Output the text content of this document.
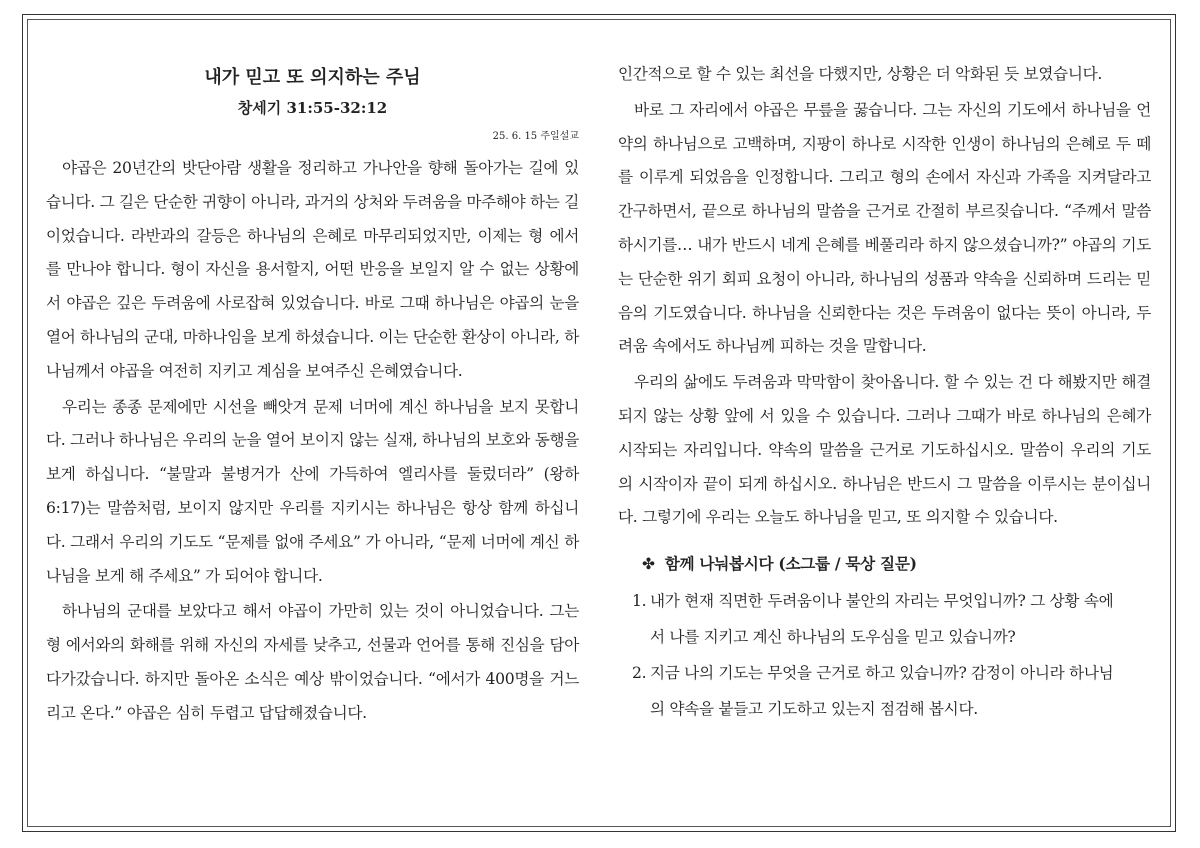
내가 믿고 또 의지하는 주님
창세기 31:55-32:12
25. 6. 15 주일설교

야곱은 20년간의 밧단아람 생활을 정리하고 가나안을 향해 돌아가는 길에 있습니다. 그 길은 단순한 귀향이 아니라, 과거의 상처와 두려움을 마주해야 하는 길이었습니다. 라반과의 갈등은 하나님의 은혜로 마무리되었지만, 이제는 형 에서를 만나야 합니다. 형이 자신을 용서할지, 어떤 반응을 보일지 알 수 없는 상황에서 야곱은 깊은 두려움에 사로잡혀 있었습니다. 바로 그때 하나님은 야곱의 눈을 열어 하나님의 군대, 마하나임을 보게 하셨습니다. 이는 단순한 환상이 아니라, 하나님께서 야곱을 여전히 지키고 계심을 보여주신 은혜였습니다.

우리는 종종 문제에만 시선을 빼앗겨 문제 너머에 계신 하나님을 보지 못합니다. 그러나 하나님은 우리의 눈을 열어 보이지 않는 실재, 하나님의 보호와 동행을 보게 하십니다. “불말과 불병거가 산에 가득하여 엘리사를 둘렀더라” (왕하 6:17)는 말씀처럼, 보이지 않지만 우리를 지키시는 하나님은 항상 함께 하십니다. 그래서 우리의 기도도 “문제를 없애 주세요” 가 아니라, “문제 너머에 계신 하나님을 보게 해 주세요” 가 되어야 합니다.

하나님의 군대를 보았다고 해서 야곱이 가만히 있는 것이 아니었습니다. 그는 형 에서와의 화해를 위해 자신의 자세를 낮추고, 선물과 언어를 통해 진심을 담아 다가갔습니다. 하지만 돌아온 소식은 예상 밖이었습니다. “에서가 400명을 거느리고 온다.” 야곱은 심히 두렵고 답답해졌습니다.

인간적으로 할 수 있는 최선을 다했지만, 상황은 더 악화된 듯 보였습니다.

바로 그 자리에서 야곱은 무릎을 꿇습니다. 그는 자신의 기도에서 하나님을 언약의 하나님으로 고백하며, 지팡이 하나로 시작한 인생이 하나님의 은혜로 두 떼를 이루게 되었음을 인정합니다. 그리고 형의 손에서 자신과 가족을 지켜달라고 간구하면서, 끝으로 하나님의 말씀을 근거로 간절히 부르짖습니다. “주께서 말씀하시기를… 내가 반드시 네게 은혜를 베풀리라 하지 않으셨습니까?” 야곱의 기도는 단순한 위기 회피 요청이 아니라, 하나님의 성품과 약속을 신뢰하며 드리는 믿음의 기도였습니다. 하나님을 신뢰한다는 것은 두려움이 없다는 뜻이 아니라, 두려움 속에서도 하나님께 피하는 것을 말합니다.

우리의 삶에도 두려움과 막막함이 찾아옵니다. 할 수 있는 건 다 해봤지만 해결되지 않는 상황 앞에 서 있을 수 있습니다. 그러나 그때가 바로 하나님의 은혜가 시작되는 자리입니다. 약속의 말씀을 근거로 기도하십시오. 말씀이 우리의 기도의 시작이자 끝이 되게 하십시오. 하나님은 반드시 그 말씀을 이루시는 분이십니다. 그렇기에 우리는 오늘도 하나님을 믿고, 또 의지할 수 있습니다.

✤ 함께 나눠봅시다 (소그룹 / 묵상 질문)
1. 내가 현재 직면한 두려움이나 불안의 자리는 무엇입니까? 그 상황 속에서 나를 지키고 계신 하나님의 도우심을 믿고 있습니까?
2. 지금 나의 기도는 무엇을 근거로 하고 있습니까? 감정이 아니라 하나님의 약속을 붙들고 기도하고 있는지 점검해 봅시다.
